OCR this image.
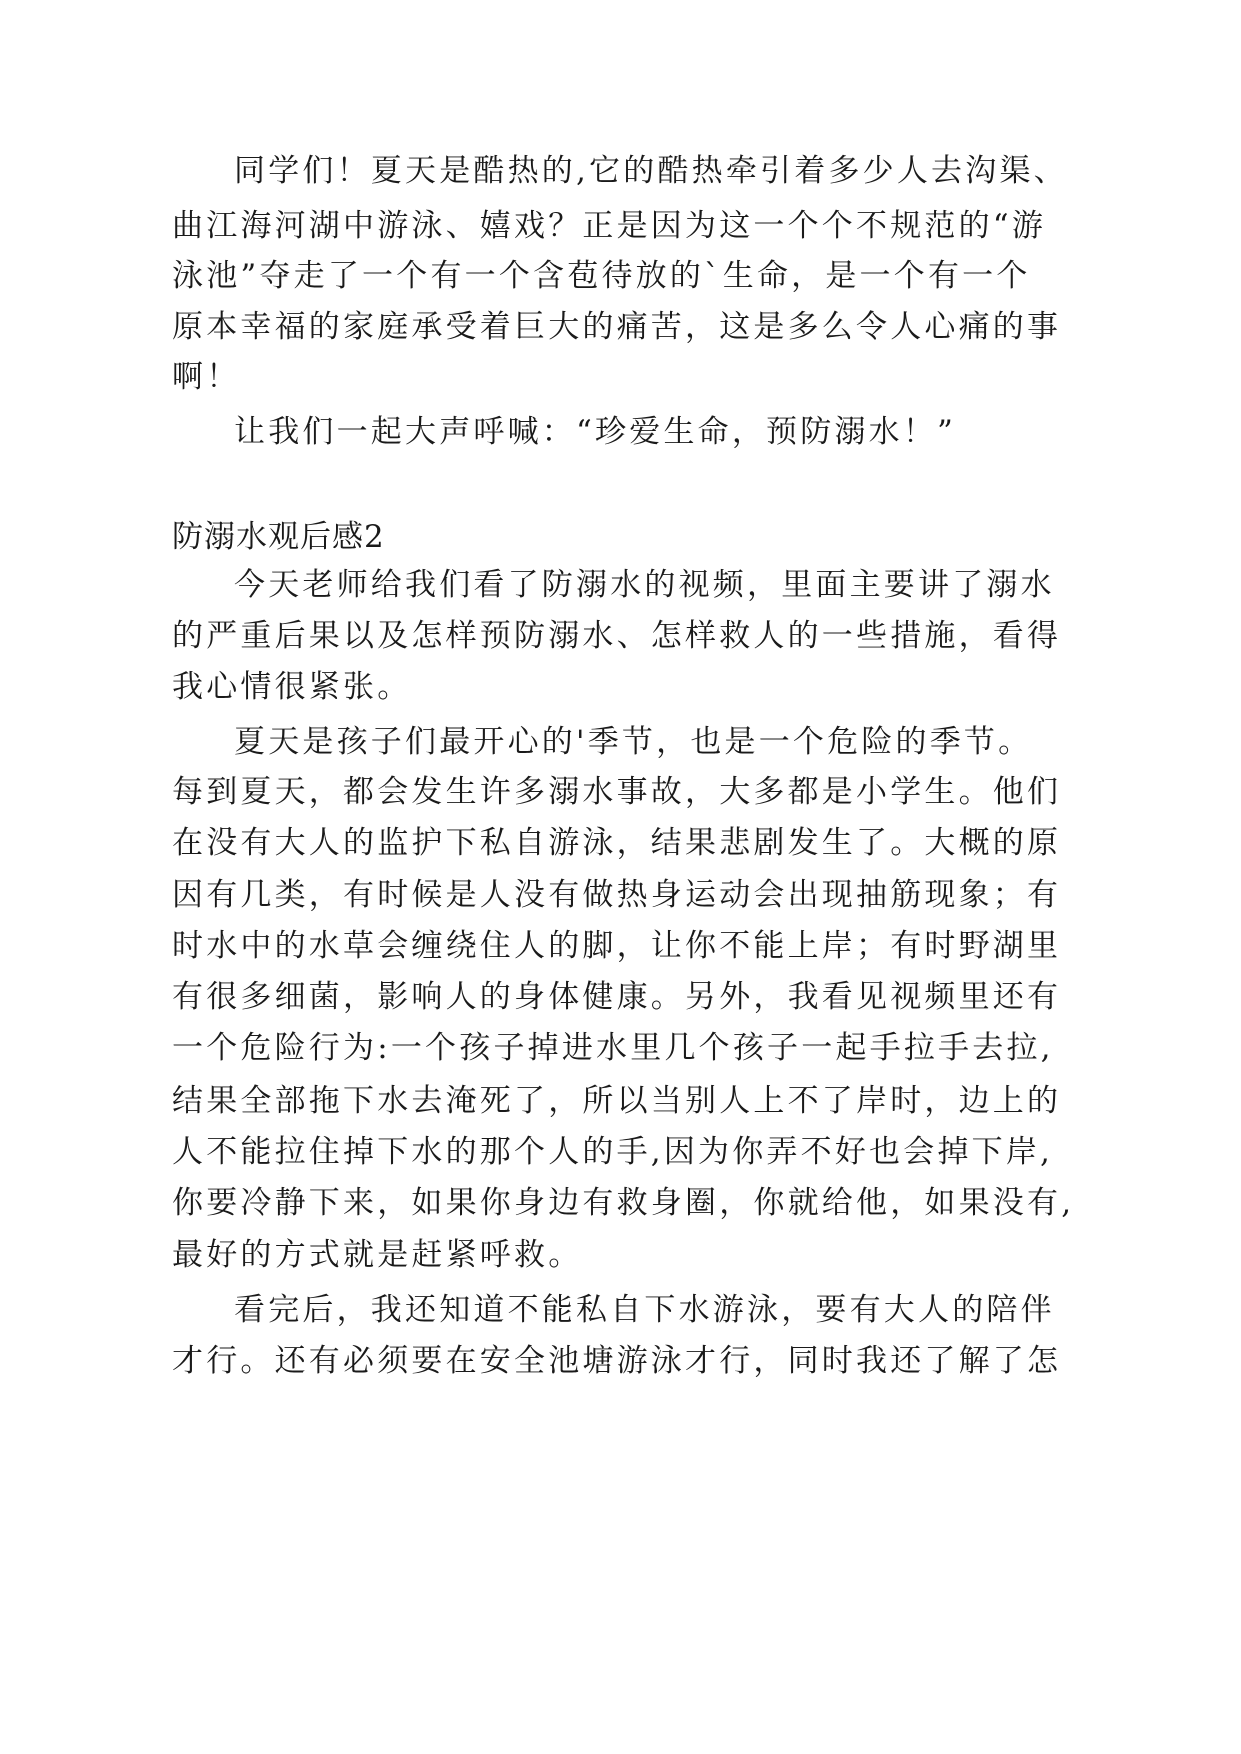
同学们！夏天是酷热的,它的酷热牵引着多少人去沟渠、
曲江海河湖中游泳、嬉戏？正是因为这一个个不规范的“游
泳池”夺走了一个有一个含苞待放的`生命，是一个有一个
原本幸福的家庭承受着巨大的痛苦，这是多么令人心痛的事
啊！
让我们一起大声呼喊：“珍爱生命，预防溺水！”
防溺水观后感2
今天老师给我们看了防溺水的视频，里面主要讲了溺水
的严重后果以及怎样预防溺水、怎样救人的一些措施，看得
我心情很紧张。
夏天是孩子们最开心的'季节，也是一个危险的季节。
每到夏天，都会发生许多溺水事故，大多都是小学生。他们
在没有大人的监护下私自游泳，结果悲剧发生了。大概的原
因有几类，有时候是人没有做热身运动会出现抽筋现象；有
时水中的水草会缠绕住人的脚，让你不能上岸；有时野湖里
有很多细菌，影响人的身体健康。另外，我看见视频里还有
一个危险行为:一个孩子掉进水里几个孩子一起手拉手去拉,
结果全部拖下水去淹死了，所以当别人上不了岸时，边上的
人不能拉住掉下水的那个人的手,因为你弄不好也会掉下岸,
你要冷静下来，如果你身边有救身圈，你就给他，如果没有,
最好的方式就是赶紧呼救。
看完后，我还知道不能私自下水游泳，要有大人的陪伴
才行。还有必须要在安全池塘游泳才行，同时我还了解了怎
